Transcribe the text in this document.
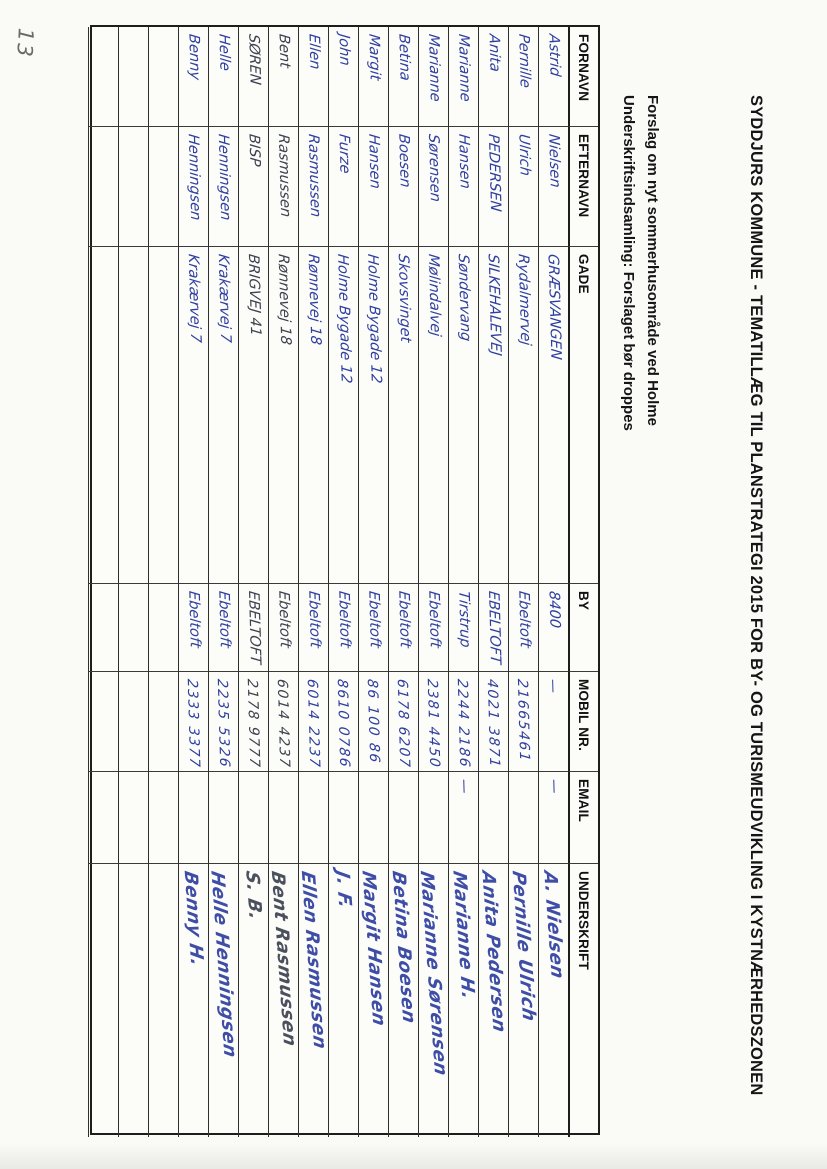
SYDDJURS KOMMUNE - TEMATILLÆG TIL PLANSTRATEGI 2015 FOR BY- OG TURISMEUDVIKLING I KYSTNÆRHEDSZONEN
Forslag om nyt sommerhusområde ved Holme
Underskriftsindsamling: Forslaget bør droppes
FORNAVN
EFTERNAVN
GADE
BY
MOBIL NR.
EMAIL
UNDERSKRIFT
Astrid
Nielsen
GRÆSVANGEN
8400
—
—
A. Nielsen
Pernille
Ulrich
Rydalmervej
Ebeltoft
21665461
Pernille Ulrich
Anita
PEDERSEN
SILKEHALEVEJ
EBELTOFT
4021 3871
Anita Pedersen
Marianne
Hansen
Søndervang
Tirstrup
2244 2186
—
Marianne H.
Marianne
Sørensen
Mølindalvej
Ebeltoft
2381 4450
Marianne Sørensen
Betina
Boesen
Skovsvinget
Ebeltoft
6178 6207
Betina Boesen
Margit
Hansen
Holme Bygade 12
Ebeltoft
86 100 86
Margit Hansen
John
Furze
Holme Bygade 12
Ebeltoft
8610 0786
J. F.
Ellen
Rasmussen
Rønnevej 18
Ebeltoft
6014 2237
Ellen Rasmussen
Bent
Rasmussen
Rønnevej 18
Ebeltoft
6014 4237
Bent Rasmussen
SØREN
BISP
BRIGVEJ 41
EBELTOFT
2178 9777
S. B.
Helle
Henningsen
Krakærvej 7
Ebeltoft
2235 5326
Helle Henningsen
Benny
Henningsen
Krakærvej 7
Ebeltoft
2333 3377
Benny H.
13
